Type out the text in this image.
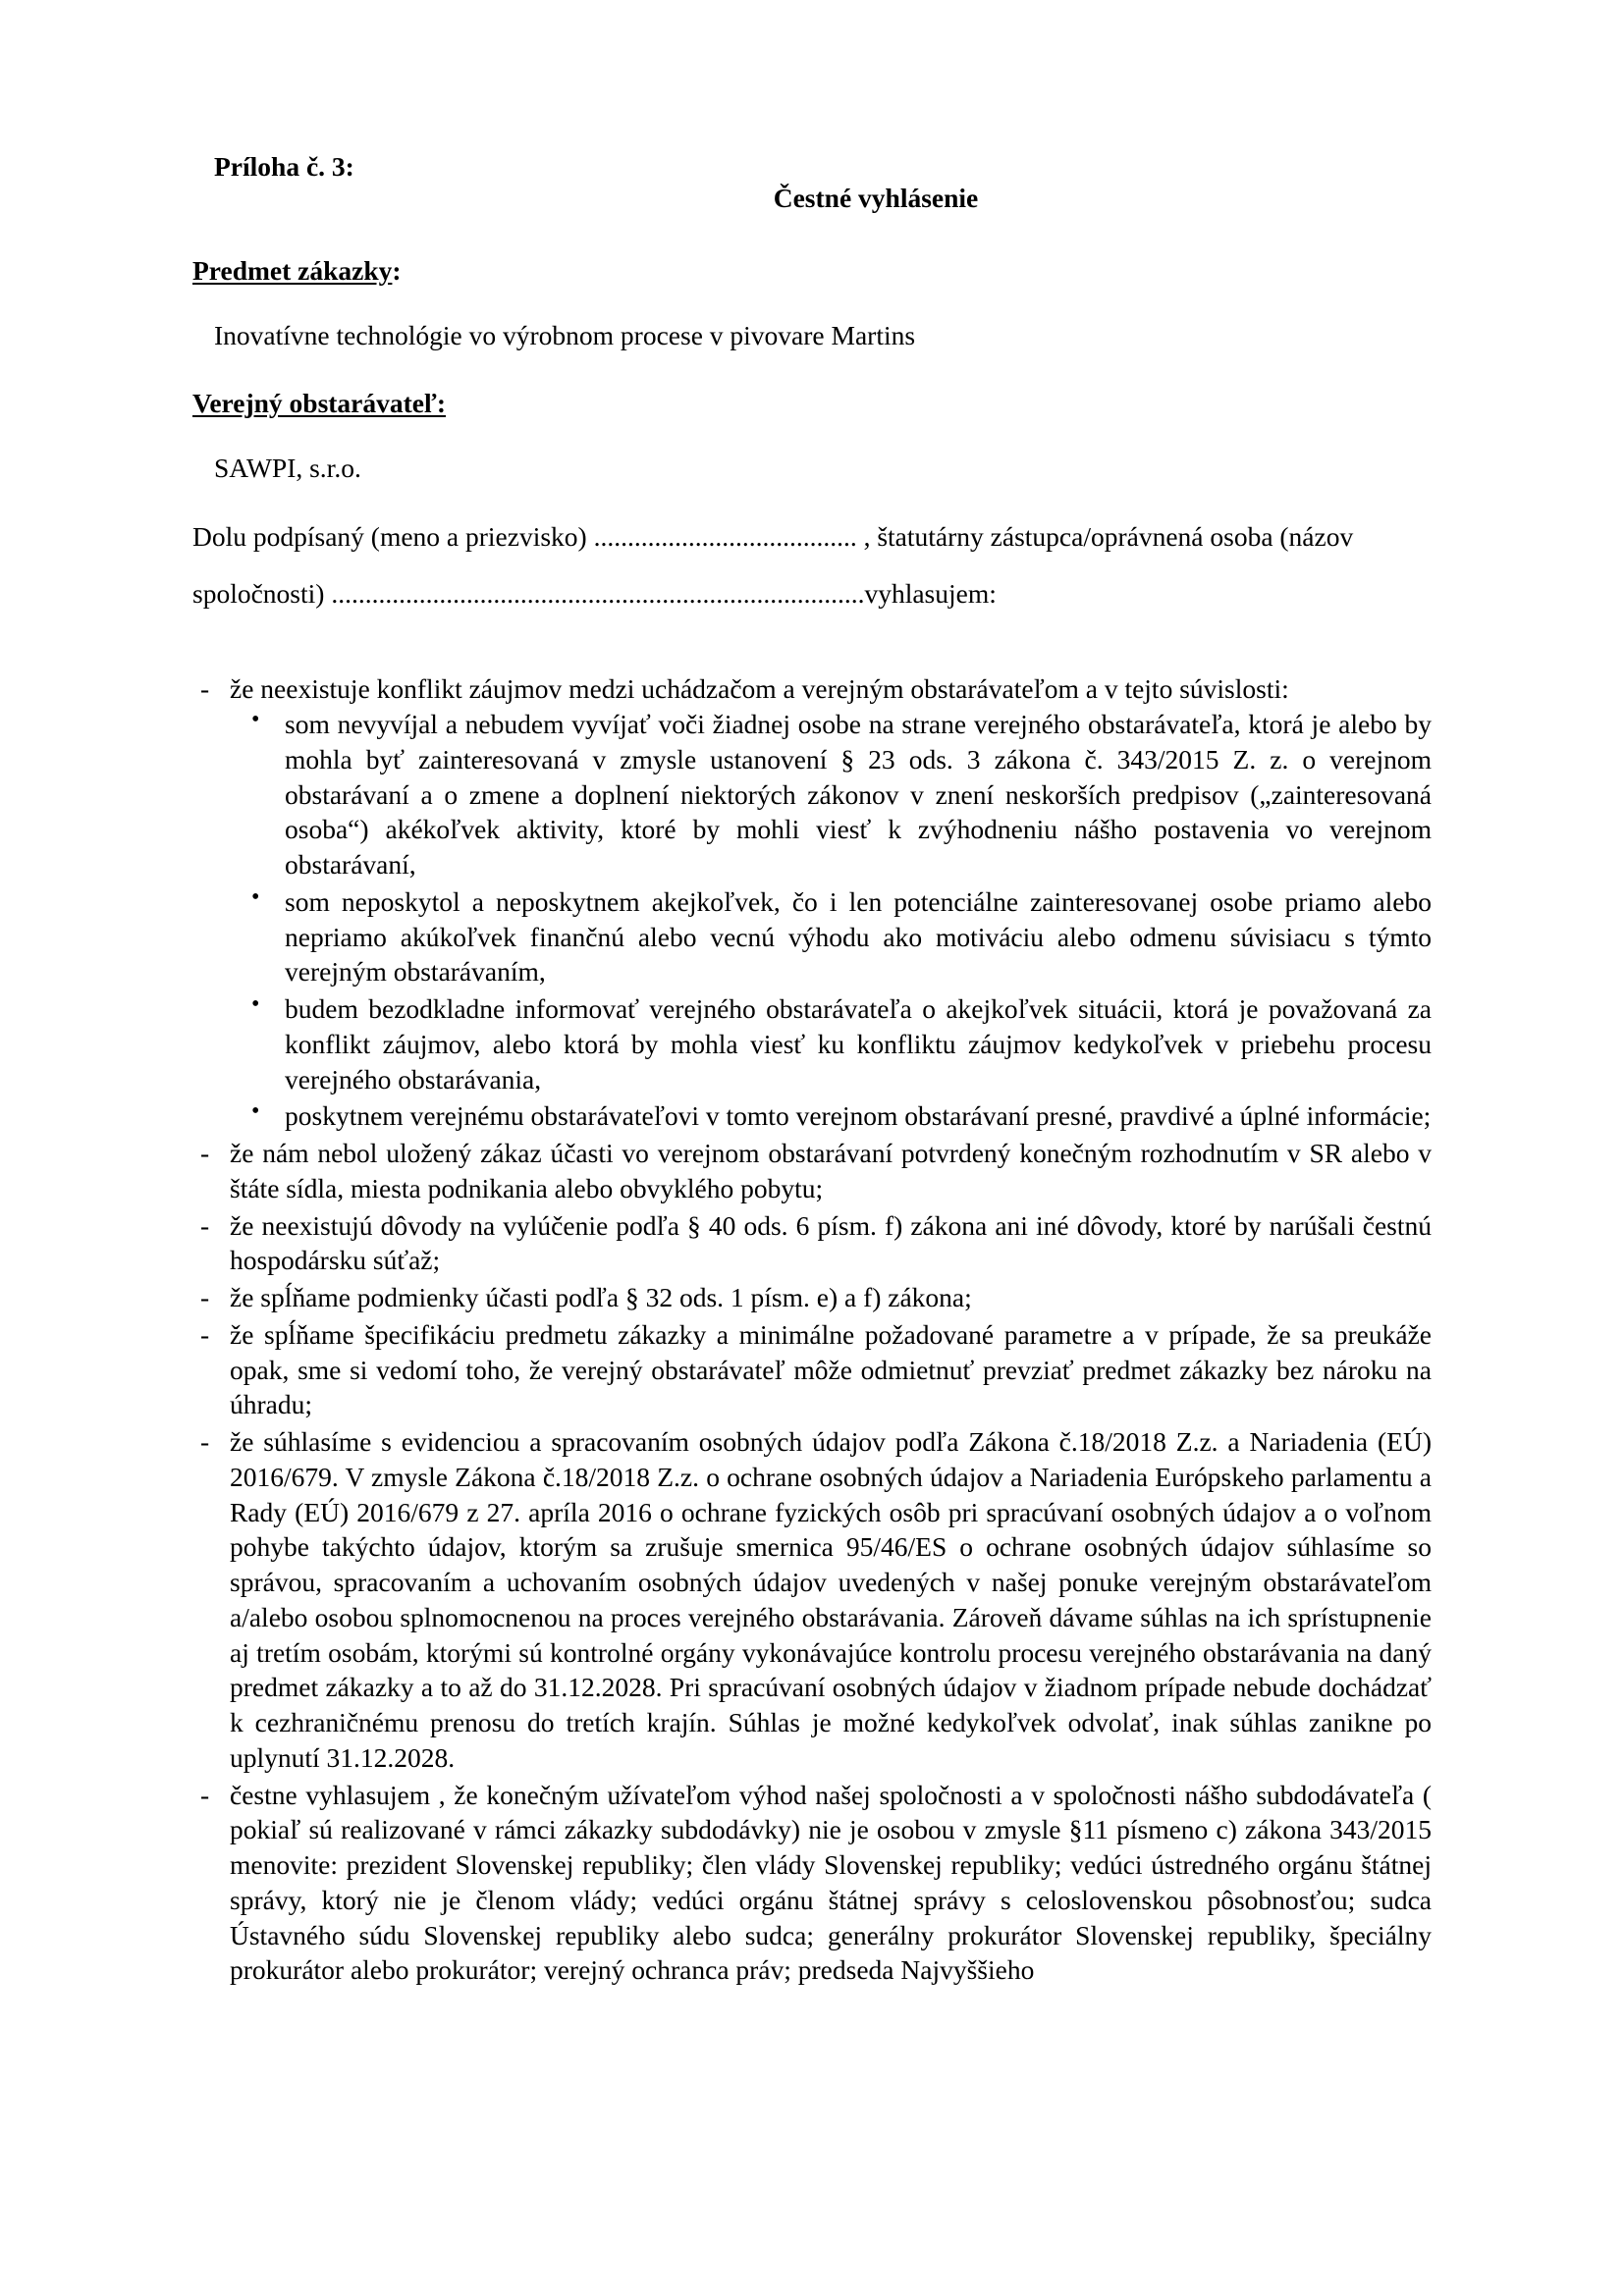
Príloha č. 3:
Čestné vyhlásenie
Predmet zákazky:
Inovatívne technológie vo výrobnom procese v pivovare Martins
Verejný obstarávateľ:
SAWPI, s.r.o.
Dolu podpísaný (meno a priezvisko) ....................................... , štatutárny zástupca/oprávnená osoba (názov
spoločnosti) ...............................................................................vyhlasujem:
- že neexistuje konflikt záujmov medzi uchádzačom a verejným obstarávateľom a v tejto súvislosti:
• som nevyvíjal a nebudem vyvíjať voči žiadnej osobe na strane verejného obstarávateľa, ktorá je alebo by mohla byť zainteresovaná v zmysle ustanovení § 23 ods. 3 zákona č. 343/2015 Z. z. o verejnom obstarávaní a o zmene a doplnení niektorých zákonov v znení neskorších predpisov („zainteresovaná osoba“) akékoľvek aktivity, ktoré by mohli viesť k zvýhodneniu nášho postavenia vo verejnom obstarávaní,
• som neposkytol a neposkytnem akejkoľvek, čo i len potenciálne zainteresovanej osobe priamo alebo nepriamo akúkoľvek finančnú alebo vecnú výhodu ako motiváciu alebo odmenu súvisiacu s týmto verejným obstarávaním,
• budem bezodkladne informovať verejného obstarávateľa o akejkoľvek situácii, ktorá je považovaná za konflikt záujmov, alebo ktorá by mohla viesť ku konfliktu záujmov kedykoľvek v priebehu procesu verejného obstarávania,
• poskytnem verejnému obstarávateľovi v tomto verejnom obstarávaní presné, pravdivé a úplné informácie;
- že nám nebol uložený zákaz účasti vo verejnom obstarávaní potvrdený konečným rozhodnutím v SR alebo v štáte sídla, miesta podnikania alebo obvyklého pobytu;
- že neexistujú dôvody na vylúčenie podľa § 40 ods. 6 písm. f) zákona ani iné dôvody, ktoré by narúšali čestnú hospodársku súťaž;
- že spĺňame podmienky účasti podľa § 32 ods. 1 písm. e) a f) zákona;
- že spĺňame špecifikáciu predmetu zákazky a minimálne požadované parametre a v prípade, že sa preukáže opak, sme si vedomí toho, že verejný obstarávateľ môže odmietnuť prevziať predmet zákazky bez nároku na úhradu;
- že súhlasíme s evidenciou a spracovaním osobných údajov podľa Zákona č.18/2018 Z.z. a Nariadenia (EÚ) 2016/679. V zmysle Zákona č.18/2018 Z.z. o ochrane osobných údajov a Nariadenia Európskeho parlamentu a Rady (EÚ) 2016/679 z 27. apríla 2016 o ochrane fyzických osôb pri spracúvaní osobných údajov a o voľnom pohybe takýchto údajov, ktorým sa zrušuje smernica 95/46/ES o ochrane osobných údajov súhlasíme so správou, spracovaním a uchovaním osobných údajov uvedených v našej ponuke verejným obstarávateľom a/alebo osobou splnomocnenou na proces verejného obstarávania. Zároveň dávame súhlas na ich sprístupnenie aj tretím osobám, ktorými sú kontrolné orgány vykonávajúce kontrolu procesu verejného obstarávania na daný predmet zákazky a to až do 31.12.2028. Pri spracúvaní osobných údajov v žiadnom prípade nebude dochádzať k cezhraničnému prenosu do tretích krajín. Súhlas je možné kedykoľvek odvolať, inak súhlas zanikne po uplynutí 31.12.2028.
- čestne vyhlasujem , že konečným užívateľom výhod našej spoločnosti a v spoločnosti nášho subdodávateľa ( pokiaľ sú realizované v rámci zákazky subdodávky) nie je osobou v zmysle §11 písmeno c) zákona 343/2015 menovite: prezident Slovenskej republiky; člen vlády Slovenskej republiky; vedúci ústredného orgánu štátnej správy, ktorý nie je členom vlády; vedúci orgánu štátnej správy s celoslovenskou pôsobnosťou; sudca Ústavného súdu Slovenskej republiky alebo sudca; generálny prokurátor Slovenskej republiky, špeciálny prokurátor alebo prokurátor; verejný ochranca práv; predseda Najvyššieho
